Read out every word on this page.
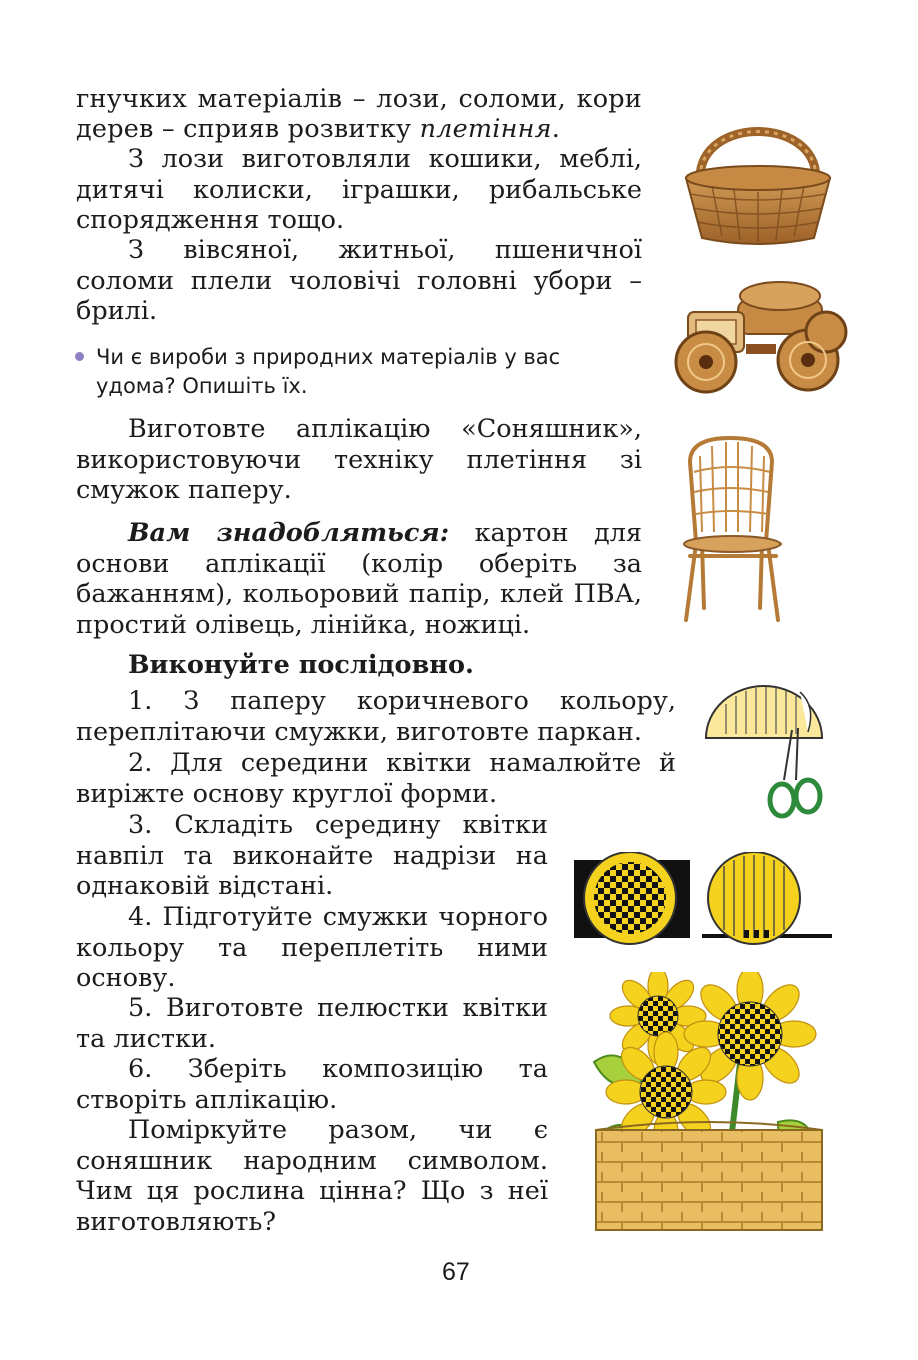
гнучких матеріалів – лози, соломи, кори
дерев – сприяв розвитку плетіння.
З лози виготовляли кошики, меблі, дитячі колиски, іграшки, рибальське спорядження тощо.
З вівсяної, житньої, пшеничної соломи плели чоловічі головні убори – брилі.
Чи є вироби з природних матеріалів у вас удома? Опишіть їх.
Виготовте аплікацію «Соняшник», використовуючи техніку плетіння зі смужок паперу.
Вам знадобляться: картон для основи аплікації (колір оберіть за бажанням), кольоровий папір, клей ПВА, простий олівець, лінійка, ножиці.
Виконуйте послідовно.
1. З паперу коричневого кольору, переплітаючи смужки, виготовте паркан.
2. Для середини квітки намалюйте й виріжте основу круглої форми.
3. Складіть середину квітки навпіл та виконайте надрізи на однаковій відстані.
4. Підготуйте смужки чорного кольору та переплетіть ними основу.
5. Виготовте пелюстки квітки та листки.
6. Зберіть композицію та створіть аплікацію.
Поміркуйте разом, чи є соняшник народним символом. Чим ця рослина цінна? Що з неї виготовляють?
67
